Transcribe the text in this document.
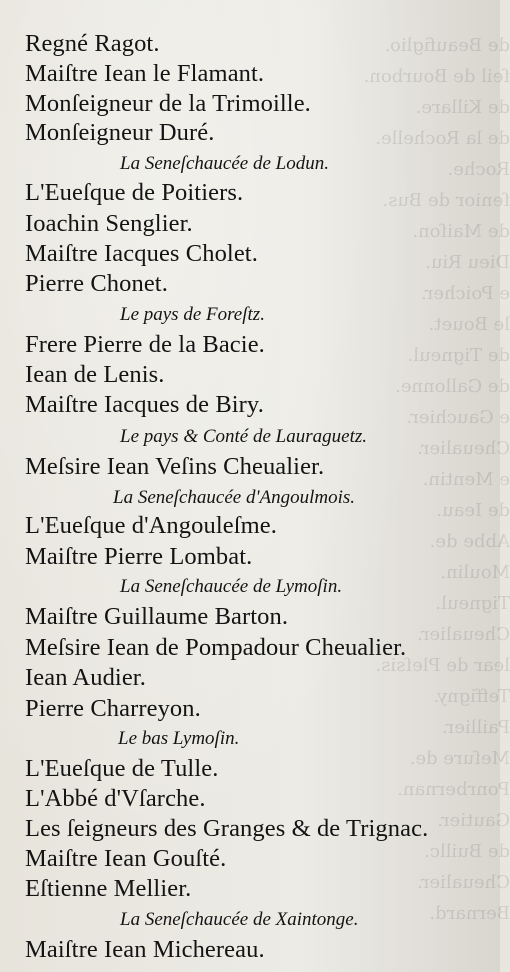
de Beaufiglio.
ſeil de Bourbon.
de Killare.
de la Rochelle.
Roche.
ſenior de Bus.
de Maiſon.
Dieu Riu.
e Poicher.
le Bouet.
de Tigneul.
de Gallonne.
e Gauchier.
Cheualier.
e Mentin.
de Ieau.
Abbe de.
Moulin.
Tigneul.
Cheualier.
lear de Pleſsis.
Teffigny.
Paillier.
Meſure de.
Ponrbernan.
Gautier.
de Buillc.
Cheualier.
Bernard.
Regné Ragot.
Maiſtre Iean le Flamant.
Monſeigneur de la Trimoille.
Monſeigneur Duré.
La Seneſchaucée de Lodun.
L'Eueſque de Poitiers.
Ioachin Senglier.
Maiſtre Iacques Cholet.
Pierre Chonet.
Le pays de Foreſtz.
Frere Pierre de la Bacie.
Iean de Lenis.
Maiſtre Iacques de Biry.
Le pays & Conté de Lauraguetz.
Meſsire Iean Veſins Cheualier.
La Seneſchaucée d'Angoulmois.
L'Eueſque d'Angouleſme.
Maiſtre Pierre Lombat.
La Seneſchaucée de Lymoſin.
Maiſtre Guillaume Barton.
Meſsire Iean de Pompadour Cheualier.
Iean Audier.
Pierre Charreyon.
Le bas Lymoſin.
L'Eueſque de Tulle.
L'Abbé d'Vſarche.
Les ſeigneurs des Granges & de Trignac.
Maiſtre Iean Gouſté.
Eſtienne Mellier.
La Seneſchaucée de Xaintonge.
Maiſtre Iean Michereau.
